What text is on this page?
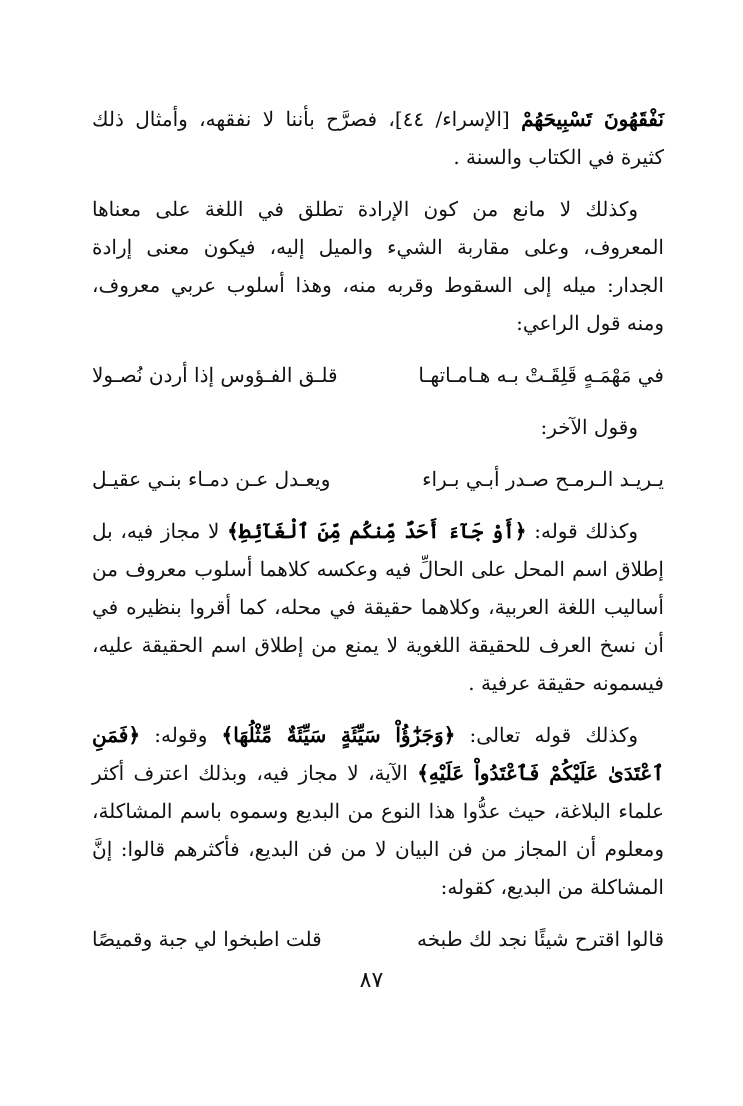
نَفْقَهُونَ تَسْبِيحَهُمْ [الإسراء/ ٤٤]، فصرَّح بأننا لا نفقهه، وأمثال ذلك كثيرة في الكتاب والسنة .

وكذلك لا مانع من كون الإرادة تطلق في اللغة على معناها المعروف، وعلى مقاربة الشيء والميل إليه، فيكون معنى إرادة الجدار: ميله إلى السقوط وقربه منه، وهذا أسلوب عربي معروف، ومنه قول الراعي:

في مَهْمَـهٍ قَلِقَـتْ بـه هـامـاتهـا
قلـق الفـؤوس إذا أردن نُصـولا
وقول الآخر:
يـريـد الـرمـح صـدر أبـي بـراء
ويعـدل عـن دمـاء بنـي عقيـل

وكذلك قوله: ﴿أَوْ جَآءَ أَحَدٌ مِّنكُم مِّنَ ٱلْغَآئِطِ﴾ لا مجاز فيه، بل إطلاق اسم المحل على الحالِّ فيه وعكسه كلاهما أسلوب معروف من أساليب اللغة العربية، وكلاهما حقيقة في محله، كما أقروا بنظيره في أن نسخ العرف للحقيقة اللغوية لا يمنع من إطلاق اسم الحقيقة عليه، فيسمونه حقيقة عرفية .

وكذلك قوله تعالى: ﴿وَجَزَٰٓؤُاْ سَيِّئَةٍ سَيِّئَةٌ مِّثْلُهَا﴾ وقوله: ﴿فَمَنِ ٱعْتَدَىٰ عَلَيْكُمْ فَٱعْتَدُواْ عَلَيْهِ﴾ الآية، لا مجاز فيه، وبذلك اعترف أكثر علماء البلاغة، حيث عدُّوا هذا النوع من البديع وسموه باسم المشاكلة، ومعلوم أن المجاز من فن البيان لا من فن البديع، فأكثرهم قالوا: إنَّ المشاكلة من البديع، كقوله:

قالوا اقترح شيئًا نجد لك طبخه
قلت اطبخوا لي جبة وقميصًا
٨٧
